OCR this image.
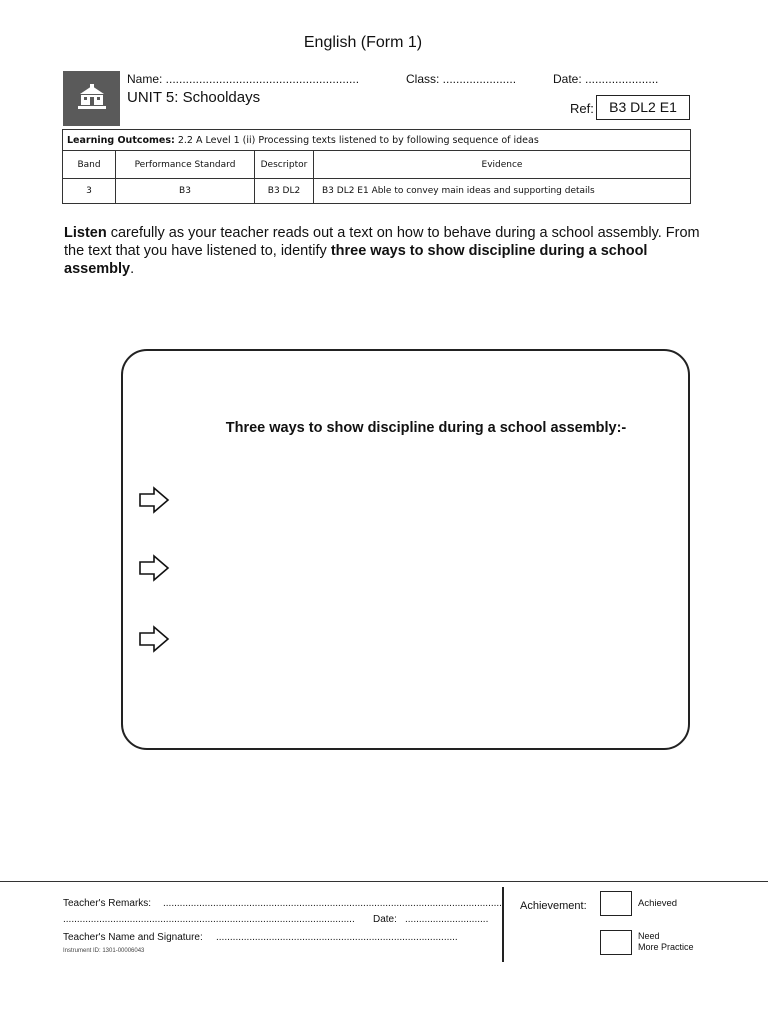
English (Form 1)
Name: ..........................................................	Class: ......................	Date: ......................
UNIT 5: Schooldays
Ref:	B3 DL2 E1
Learning Outcomes: 2.2 A Level 1 (ii) Processing texts listened to by following sequence of ideas			
Band	Performance Standard	Descriptor	Evidence
3	B3	B3 DL2	B3 DL2 E1 Able to convey main ideas and supporting details
Listen carefully as your teacher reads out a text on how to behave during a school assembly. From the text that you have listened to, identify three ways to show discipline during a school assembly.
Three ways to show discipline during a school assembly:-
Teacher's Remarks: ..........................................................................................................................
......................................................................................................... Date: ..............................
Teacher's Name and Signature: .......................................................................................
Instrument ID: 1301-00006043
Achievement:	Achieved
Need
More Practice
